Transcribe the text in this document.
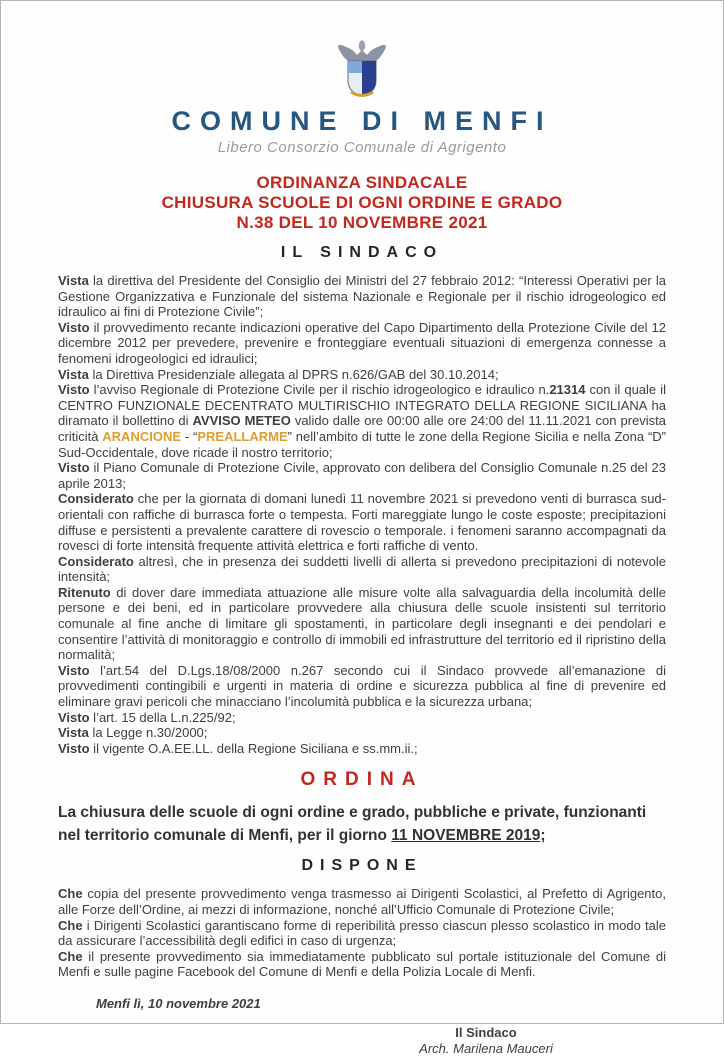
COMUNE DI MENFI
Libero Consorzio Comunale di Agrigento
ORDINANZA SINDACALE
CHIUSURA SCUOLE DI OGNI ORDINE E GRADO
N.38 DEL 10 NOVEMBRE 2021
IL SINDACO

Vista la direttiva del Presidente del Consiglio dei Ministri del 27 febbraio 2012: “Interessi Operativi per la Gestione Organizzativa e Funzionale del sistema Nazionale e Regionale per il rischio idrogeologico ed idraulico ai fini di Protezione Civile”;

Visto il provvedimento recante indicazioni operative del Capo Dipartimento della Protezione Civile del 12 dicembre 2012 per prevedere, prevenire e fronteggiare eventuali situazioni di emergenza connesse a fenomeni idrogeologici ed idraulici;

Vista la Direttiva Presidenziale allegata al DPRS n.626/GAB del 30.10.2014;

Visto l’avviso Regionale di Protezione Civile per il rischio idrogeologico e idraulico n.21314 con il quale il CENTRO FUNZIONALE DECENTRATO MULTIRISCHIO INTEGRATO DELLA REGIONE SICILIANA ha diramato il bollettino di AVVISO METEO valido dalle ore 00:00 alle ore 24:00 del 11.11.2021 con prevista criticità ARANCIONE - “PREALLARME” nell’ambito di tutte le zone della Regione Sicilia e nella Zona “D” Sud-Occidentale, dove ricade il nostro territorio;

Visto il Piano Comunale di Protezione Civile, approvato con delibera del Consiglio Comunale n.25 del 23 aprile 2013;

Considerato che per la giornata di domani lunedì 11 novembre 2021 si prevedono venti di burrasca sud-orientali con raffiche di burrasca forte o tempesta. Forti mareggiate lungo le coste esposte; precipitazioni diffuse e persistenti a prevalente carattere di rovescio o temporale. i fenomeni saranno accompagnati da rovesci di forte intensità frequente attività elettrica e forti raffiche di vento.

Considerato altresì, che in presenza dei suddetti livelli di allerta si prevedono precipitazioni di notevole intensità;

Ritenuto di dover dare immediata attuazione alle misure volte alla salvaguardia della incolumità delle persone e dei beni, ed in particolare provvedere alla chiusura delle scuole insistenti sul territorio comunale al fine anche di limitare gli spostamenti, in particolare degli insegnanti e dei pendolari e consentire l’attività di monitoraggio e controllo di immobili ed infrastrutture del territorio ed il ripristino della normalità;

Visto l’art.54 del D.Lgs.18/08/2000 n.267 secondo cui il Sindaco provvede all’emanazione di provvedimenti contingibili e urgenti in materia di ordine e sicurezza pubblica al fine di prevenire ed eliminare gravi pericoli che minacciano l’incolumità pubblica e la sicurezza urbana;

Visto l’art. 15 della L.n.225/92;

Vista la Legge n.30/2000;

Visto il vigente O.A.EE.LL. della Regione Siciliana e ss.mm.ii.;

ORDINA

La chiusura delle scuole di ogni ordine e grado, pubbliche e private, funzionanti nel territorio comunale di Menfi, per il giorno 11 NOVEMBRE 2019;

DISPONE

Che copia del presente provvedimento venga trasmesso ai Dirigenti Scolastici, al Prefetto di Agrigento, alle Forze dell’Ordine, ai mezzi di informazione, nonché all’Ufficio Comunale di Protezione Civile;

Che i Dirigenti Scolastici garantiscano forme di reperibilità presso ciascun plesso scolastico in modo tale da assicurare l’accessibilità degli edifici in caso di urgenza;

Che il presente provvedimento sia immediatamente pubblicato sul portale istituzionale del Comune di Menfi e sulle pagine Facebook del Comune di Menfi e della Polizia Locale di Menfi.

Menfi lì, 10 novembre 2021
Il Sindaco
Arch. Marilena Mauceri
